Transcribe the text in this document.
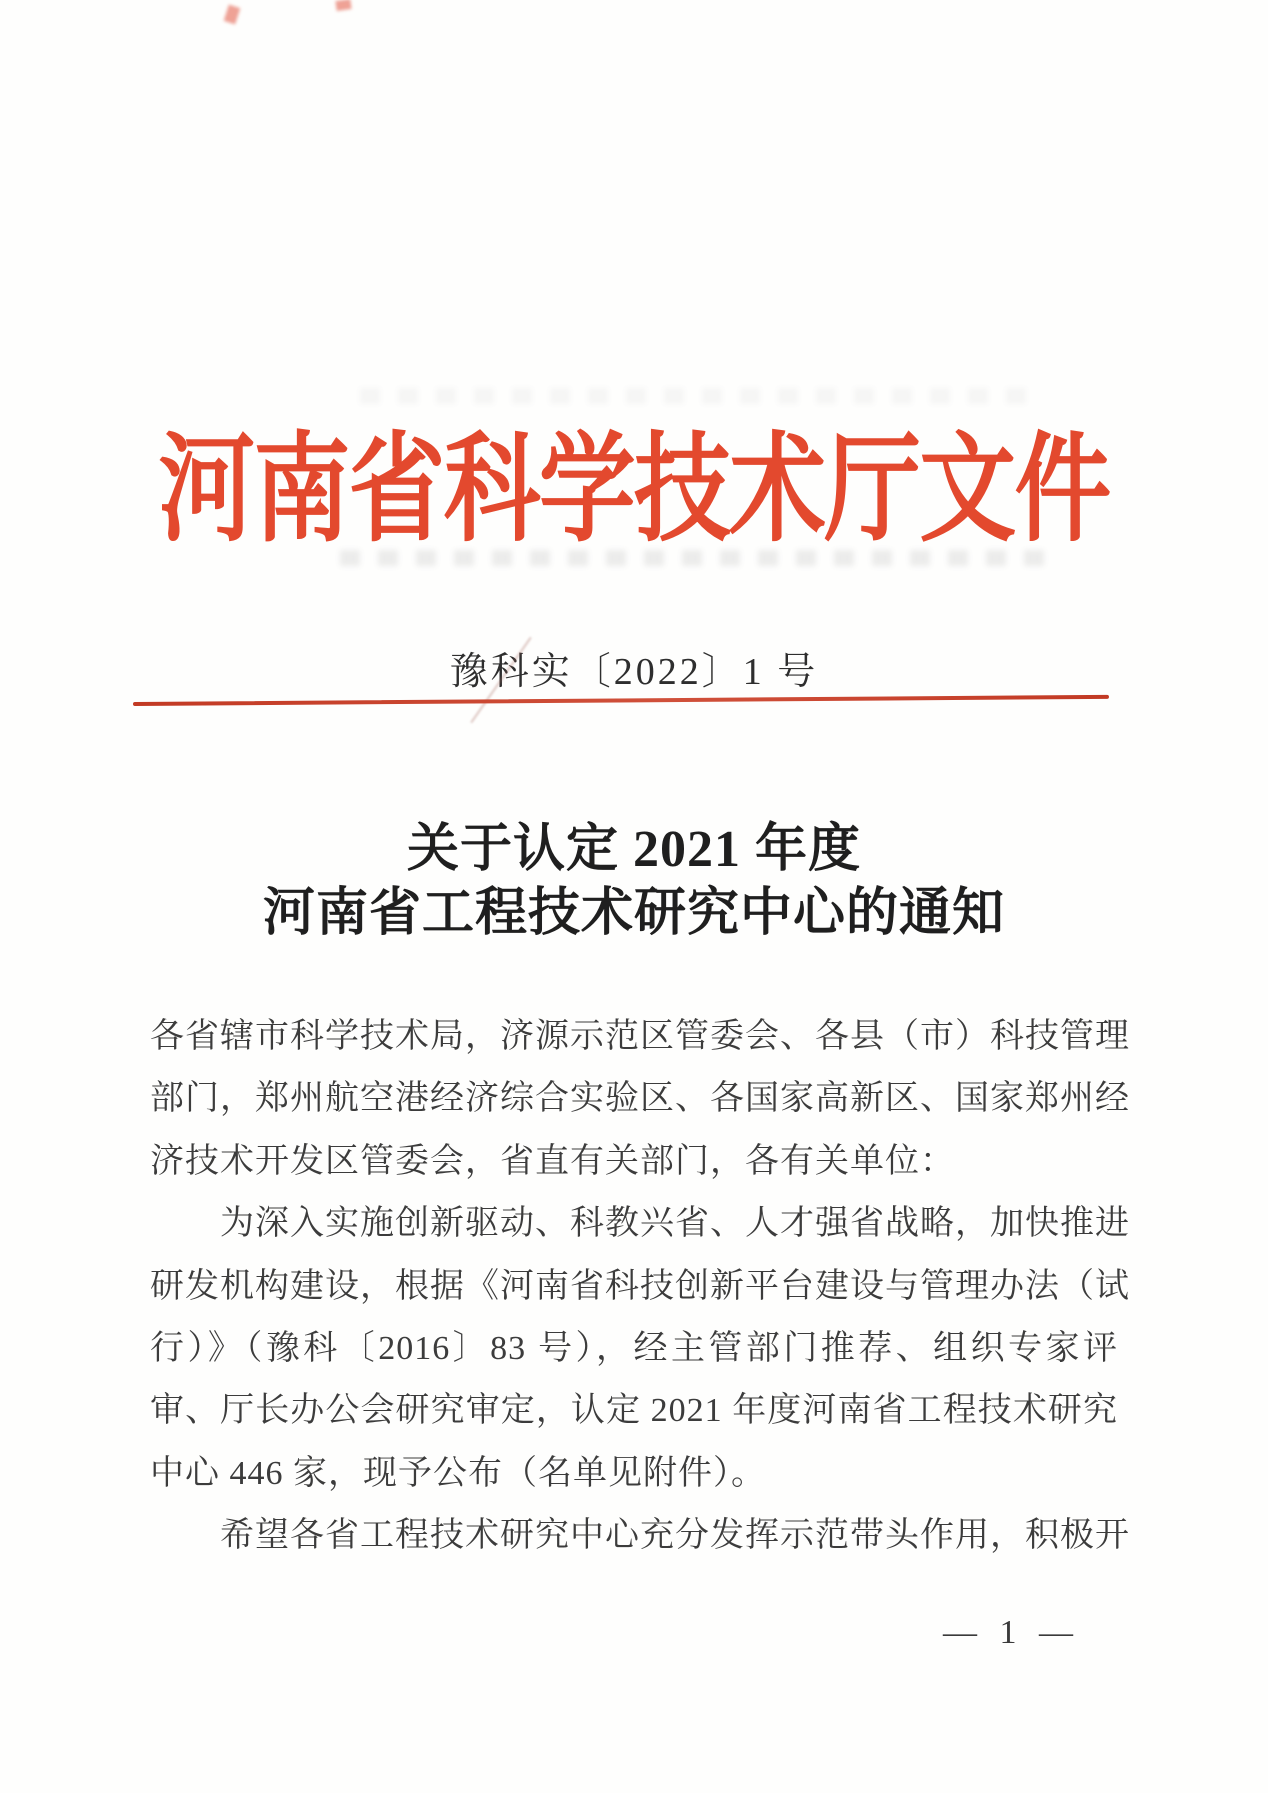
河南省科学技术厅文件
豫科实〔2022〕1 号
关于认定 2021 年度
河南省工程技术研究中心的通知
各省辖市科学技术局，济源示范区管委会、各县（市）科技管理
部门，郑州航空港经济综合实验区、各国家高新区、国家郑州经
济技术开发区管委会，省直有关部门，各有关单位：
为深入实施创新驱动、科教兴省、人才强省战略，加快推进
研发机构建设，根据《河南省科技创新平台建设与管理办法（试
行）》（豫科〔2016〕83 号），经主管部门推荐、组织专家评
审、厅长办公会研究审定，认定 2021 年度河南省工程技术研究
中心 446 家，现予公布（名单见附件）。
希望各省工程技术研究中心充分发挥示范带头作用，积极开
— 1 —
